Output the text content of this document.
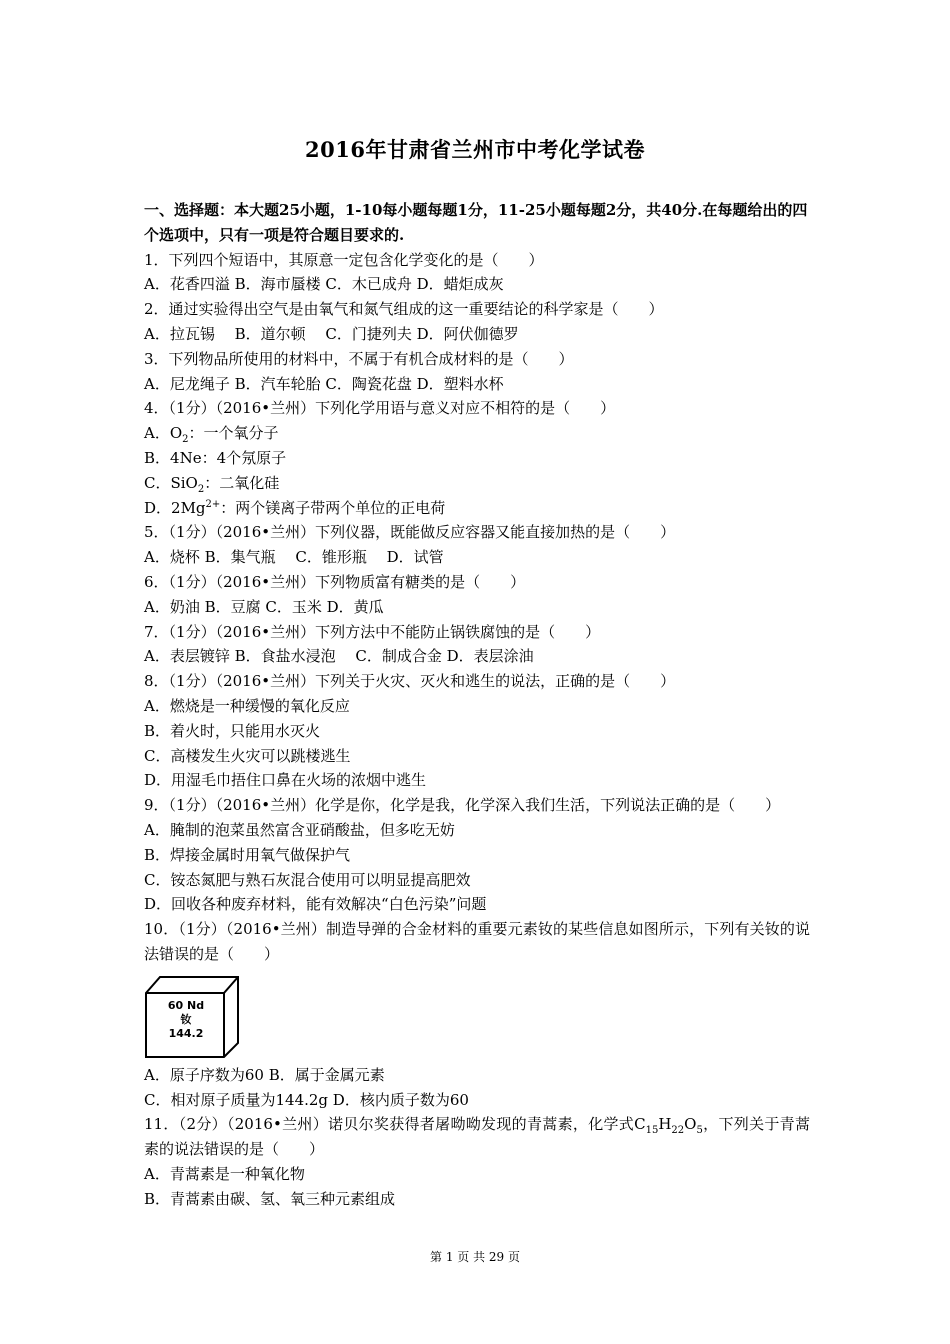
2016年甘肃省兰州市中考化学试卷
一、选择题：本大题25小题，1-10每小题每题1分，11-25小题每题2分，共40分.在每题给出的四个选项中，只有一项是符合题目要求的.
1．下列四个短语中，其原意一定包含化学变化的是（　　）
A．花香四溢 B．海市蜃楼 C．木已成舟 D．蜡炬成灰
2．通过实验得出空气是由氧气和氮气组成的这一重要结论的科学家是（　　）
A．拉瓦锡　 B．道尔顿　 C．门捷列夫 D．阿伏伽德罗
3．下列物品所使用的材料中，不属于有机合成材料的是（　　）
A．尼龙绳子 B．汽车轮胎 C．陶瓷花盘 D．塑料水杯
4．（1分）（2016•兰州）下列化学用语与意义对应不相符的是（　　）
A．$O_2$：一个氧分子
B．4Ne：4个氖原子
C．SiO$_2$：二氧化硅
D．$2Mg^{2+}$：两个镁离子带两个单位的正电荷
5．（1分）（2016•兰州）下列仪器，既能做反应容器又能直接加热的是（　　）
A．烧杯 B．集气瓶　 C．锥形瓶　 D．试管
6．（1分）（2016•兰州）下列物质富有糖类的是（　　）
A．奶油 B．豆腐 C．玉米 D．黄瓜
7．（1分）（2016•兰州）下列方法中不能防止锅铁腐蚀的是（　　）
A．表层镀锌 B．食盐水浸泡　 C．制成合金 D．表层涂油
8．（1分）（2016•兰州）下列关于火灾、灭火和逃生的说法，正确的是（　　）
A．燃烧是一种缓慢的氧化反应
B．着火时，只能用水灭火
C．高楼发生火灾可以跳楼逃生
D．用湿毛巾捂住口鼻在火场的浓烟中逃生
9．（1分）（2016•兰州）化学是你，化学是我，化学深入我们生活，下列说法正确的是（　　）
A．腌制的泡菜虽然富含亚硝酸盐，但多吃无妨
B．焊接金属时用氧气做保护气
C．铵态氮肥与熟石灰混合使用可以明显提高肥效
D．回收各种废弃材料，能有效解决“白色污染”问题
10．（1分）（2016•兰州）制造导弹的合金材料的重要元素钕的某些信息如图所示，下列有关钕的说法错误的是（　　）
60 Nd
钕
144.2
A．原子序数为60 B．属于金属元素
C．相对原子质量为144.2g D．核内质子数为60
11．（2分）（2016•兰州）诺贝尔奖获得者屠呦呦发现的青蒿素，化学式$C_{15}H_{22}O_5$，下列关于青蒿素的说法错误的是（　　）
A．青蒿素是一种氧化物
B．青蒿素由碳、氢、氧三种元素组成
第 1 页 共 29 页
